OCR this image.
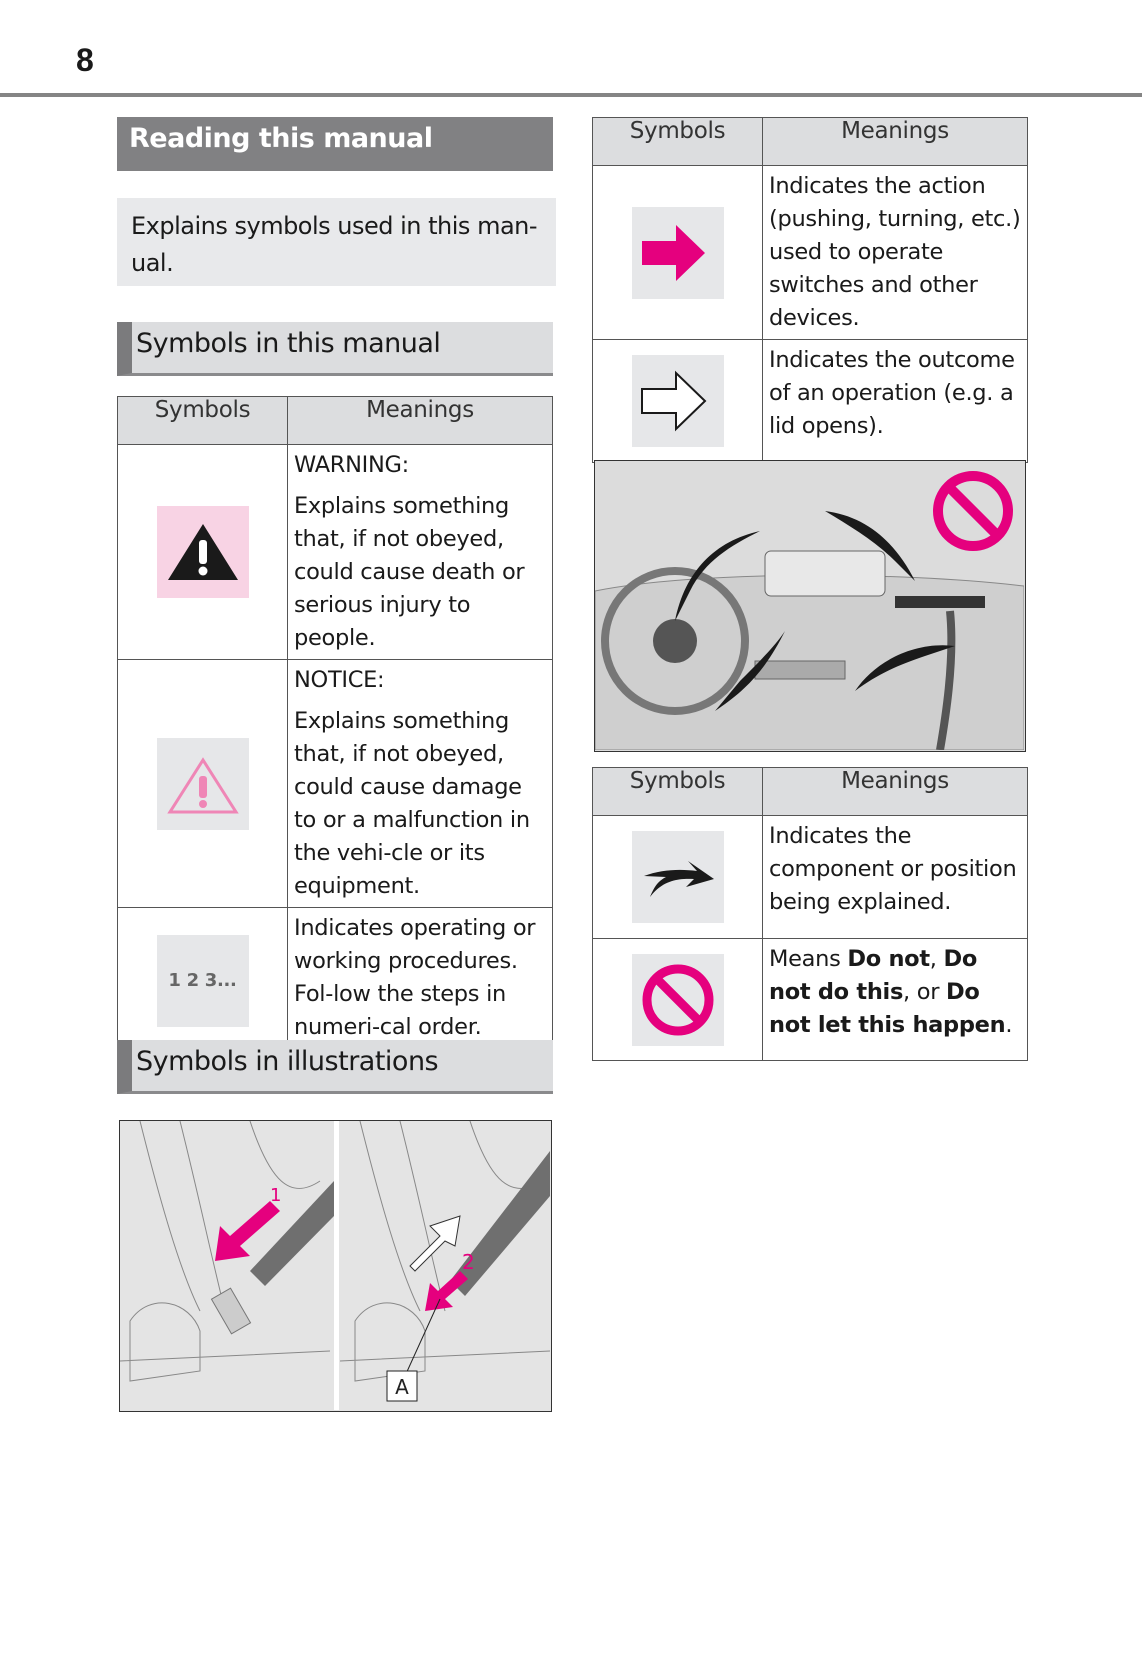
8
Reading this manual
Explains symbols used in this man-ual.
Symbols in this manual
Symbols	Meanings

WARNING:
Explains something that, if not obeyed, could cause death or serious injury to people.

NOTICE:
Explains something that, if not obeyed, could cause damage to or a malfunction in the vehi-cle or its equipment.

1 2 3...	Indicates operating or working procedures. Fol-low the steps in numeri-cal order.
Symbols in illustrations
1
2
A
Symbols	Meanings
	Indicates the action (pushing, turning, etc.) used to operate switches and other devices.
	Indicates the outcome of an operation (e.g. a lid opens).
Symbols	Meanings
	Indicates the component or position being explained.
	Means Do not, Do not do this, or Do not let this happen.
